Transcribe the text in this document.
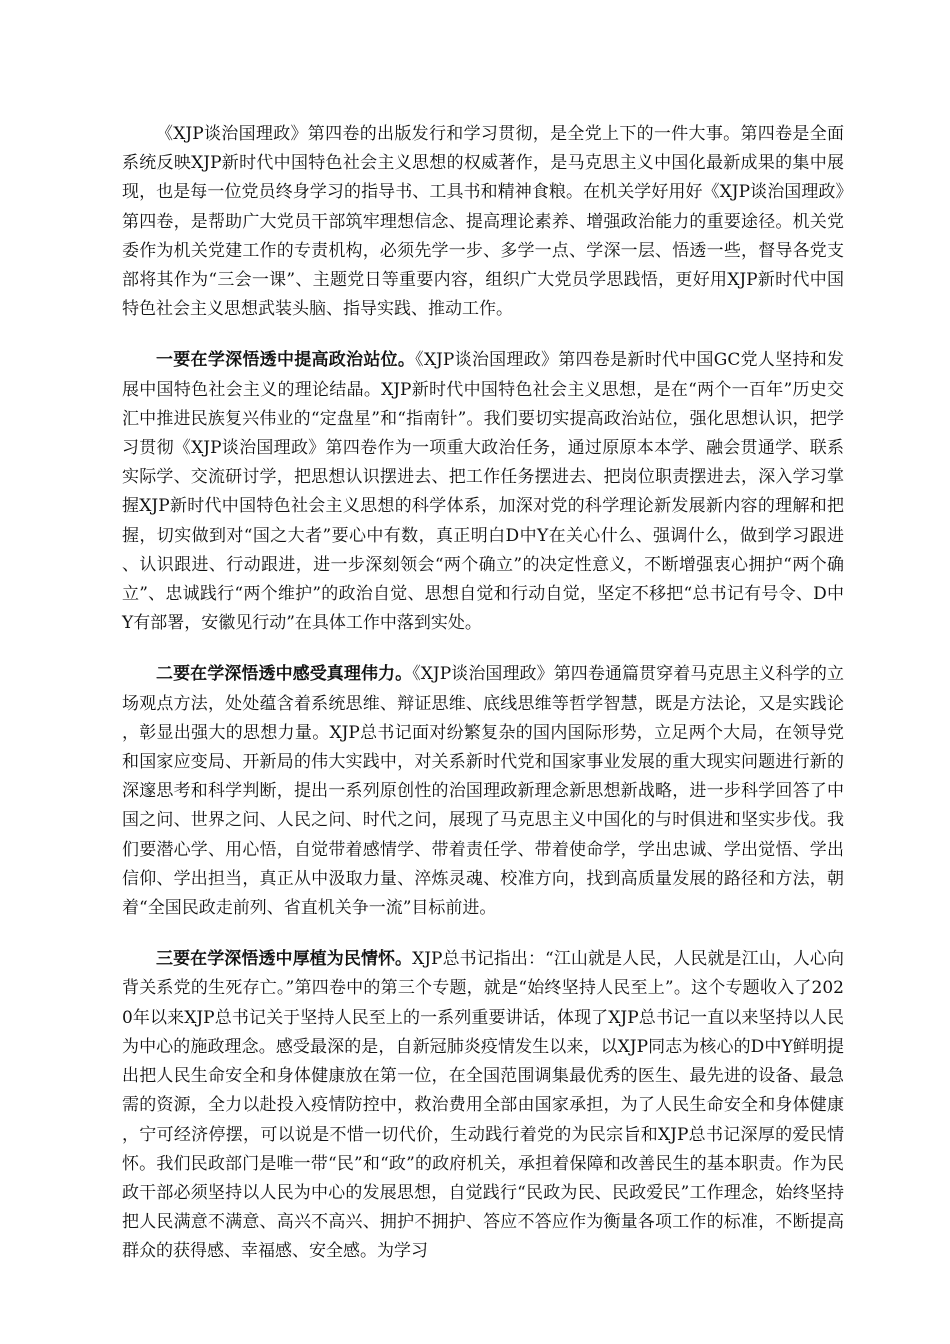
《XJP谈治国理政》第四卷的出版发行和学习贯彻，是全党上下的一件大事。第四卷是全面系统反映XJP新时代中国特色社会主义思想的权威著作，是马克思主义中国化最新成果的集中展现，也是每一位党员终身学习的指导书、工具书和精神食粮。在机关学好用好《XJP谈治国理政》第四卷，是帮助广大党员干部筑牢理想信念、提高理论素养、增强政治能力的重要途径。机关党委作为机关党建工作的专责机构，必须先学一步、多学一点、学深一层、悟透一些，督导各党支部将其作为“三会一课”、主题党日等重要内容，组织广大党员学思践悟，更好用XJP新时代中国特色社会主义思想武装头脑、指导实践、推动工作。

一要在学深悟透中提高政治站位。《XJP谈治国理政》第四卷是新时代中国GC党人坚持和发展中国特色社会主义的理论结晶。XJP新时代中国特色社会主义思想，是在“两个一百年”历史交汇中推进民族复兴伟业的“定盘星”和“指南针”。我们要切实提高政治站位，强化思想认识，把学习贯彻《XJP谈治国理政》第四卷作为一项重大政治任务，通过原原本本学、融会贯通学、联系实际学、交流研讨学，把思想认识摆进去、把工作任务摆进去、把岗位职责摆进去，深入学习掌握XJP新时代中国特色社会主义思想的科学体系，加深对党的科学理论新发展新内容的理解和把握，切实做到对“国之大者”要心中有数，真正明白D中Y在关心什么、强调什么，做到学习跟进、认识跟进、行动跟进，进一步深刻领会“两个确立”的决定性意义，不断增强衷心拥护“两个确立”、忠诚践行“两个维护”的政治自觉、思想自觉和行动自觉，坚定不移把“总书记有号令、D中Y有部署，安徽见行动”在具体工作中落到实处。

二要在学深悟透中感受真理伟力。《XJP谈治国理政》第四卷通篇贯穿着马克思主义科学的立场观点方法，处处蕴含着系统思维、辩证思维、底线思维等哲学智慧，既是方法论，又是实践论，彰显出强大的思想力量。XJP总书记面对纷繁复杂的国内国际形势，立足两个大局，在领导党和国家应变局、开新局的伟大实践中，对关系新时代党和国家事业发展的重大现实问题进行新的深邃思考和科学判断，提出一系列原创性的治国理政新理念新思想新战略，进一步科学回答了中国之问、世界之问、人民之问、时代之问，展现了马克思主义中国化的与时俱进和坚实步伐。我们要潜心学、用心悟，自觉带着感情学、带着责任学、带着使命学，学出忠诚、学出觉悟、学出信仰、学出担当，真正从中汲取力量、淬炼灵魂、校准方向，找到高质量发展的路径和方法，朝着“全国民政走前列、省直机关争一流”目标前进。

三要在学深悟透中厚植为民情怀。XJP总书记指出：“江山就是人民，人民就是江山，人心向背关系党的生死存亡。”第四卷中的第三个专题，就是“始终坚持人民至上”。这个专题收入了2020年以来XJP总书记关于坚持人民至上的一系列重要讲话，体现了XJP总书记一直以来坚持以人民为中心的施政理念。感受最深的是，自新冠肺炎疫情发生以来，以XJP同志为核心的D中Y鲜明提出把人民生命安全和身体健康放在第一位，在全国范围调集最优秀的医生、最先进的设备、最急需的资源，全力以赴投入疫情防控中，救治费用全部由国家承担，为了人民生命安全和身体健康，宁可经济停摆，可以说是不惜一切代价，生动践行着党的为民宗旨和XJP总书记深厚的爱民情怀。我们民政部门是唯一带“民”和“政”的政府机关，承担着保障和改善民生的基本职责。作为民政干部必须坚持以人民为中心的发展思想，自觉践行“民政为民、民政爱民”工作理念，始终坚持把人民满意不满意、高兴不高兴、拥护不拥护、答应不答应作为衡量各项工作的标准，不断提高群众的获得感、幸福感、安全感。为学习
